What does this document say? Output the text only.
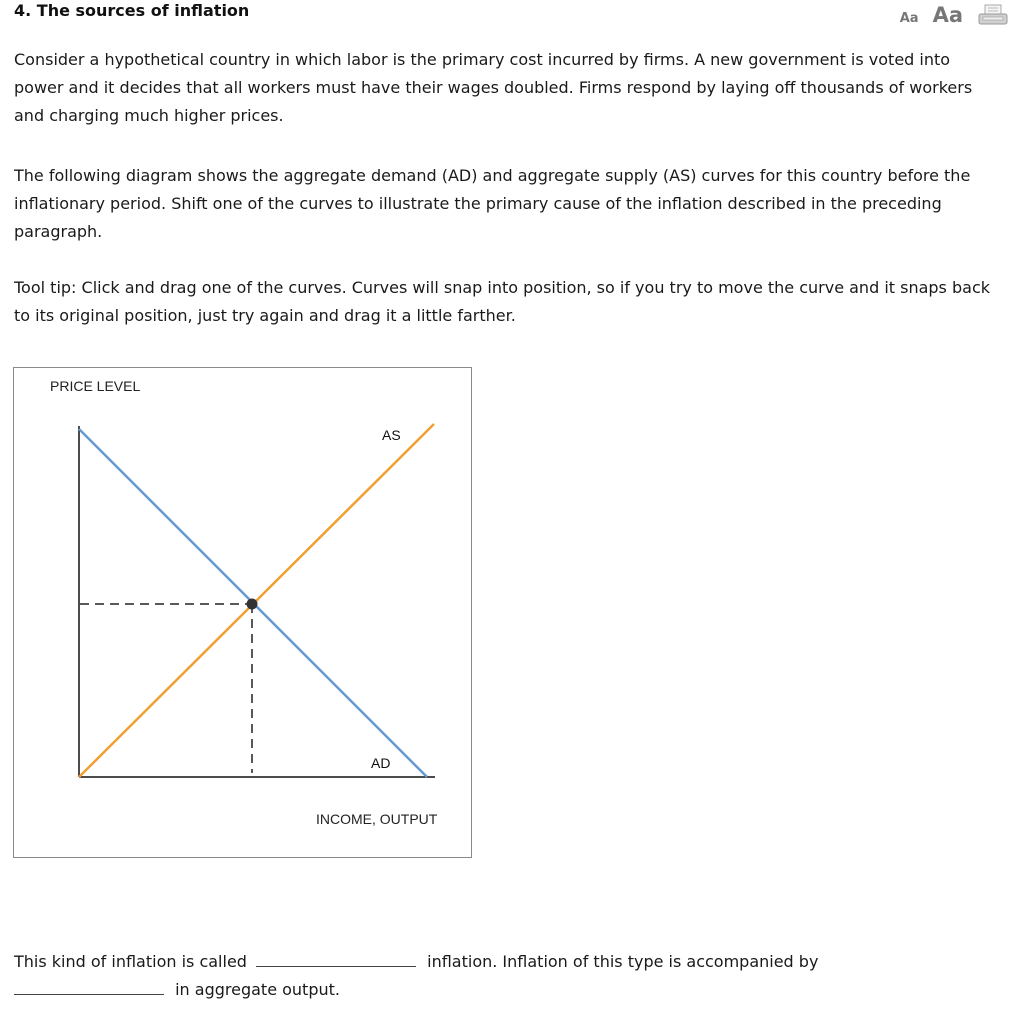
4. The sources of inflation	Aa Aa

Consider a hypothetical country in which labor is the primary cost incurred by firms. A new government is voted into power and it decides that all workers must have their wages doubled. Firms respond by laying off thousands of workers and charging much higher prices.

The following diagram shows the aggregate demand (AD) and aggregate supply (AS) curves for this country before the inflationary period. Shift one of the curves to illustrate the primary cause of the inflation described in the preceding paragraph.

Tool tip: Click and drag one of the curves. Curves will snap into position, so if you try to move the curve and it snaps back to its original position, just try again and drag it a little farther.

PRICE LEVEL
AS
AD
INCOME, OUTPUT
This kind of inflation is called	inflation. Inflation of this type is accompanied by
in aggregate output.
